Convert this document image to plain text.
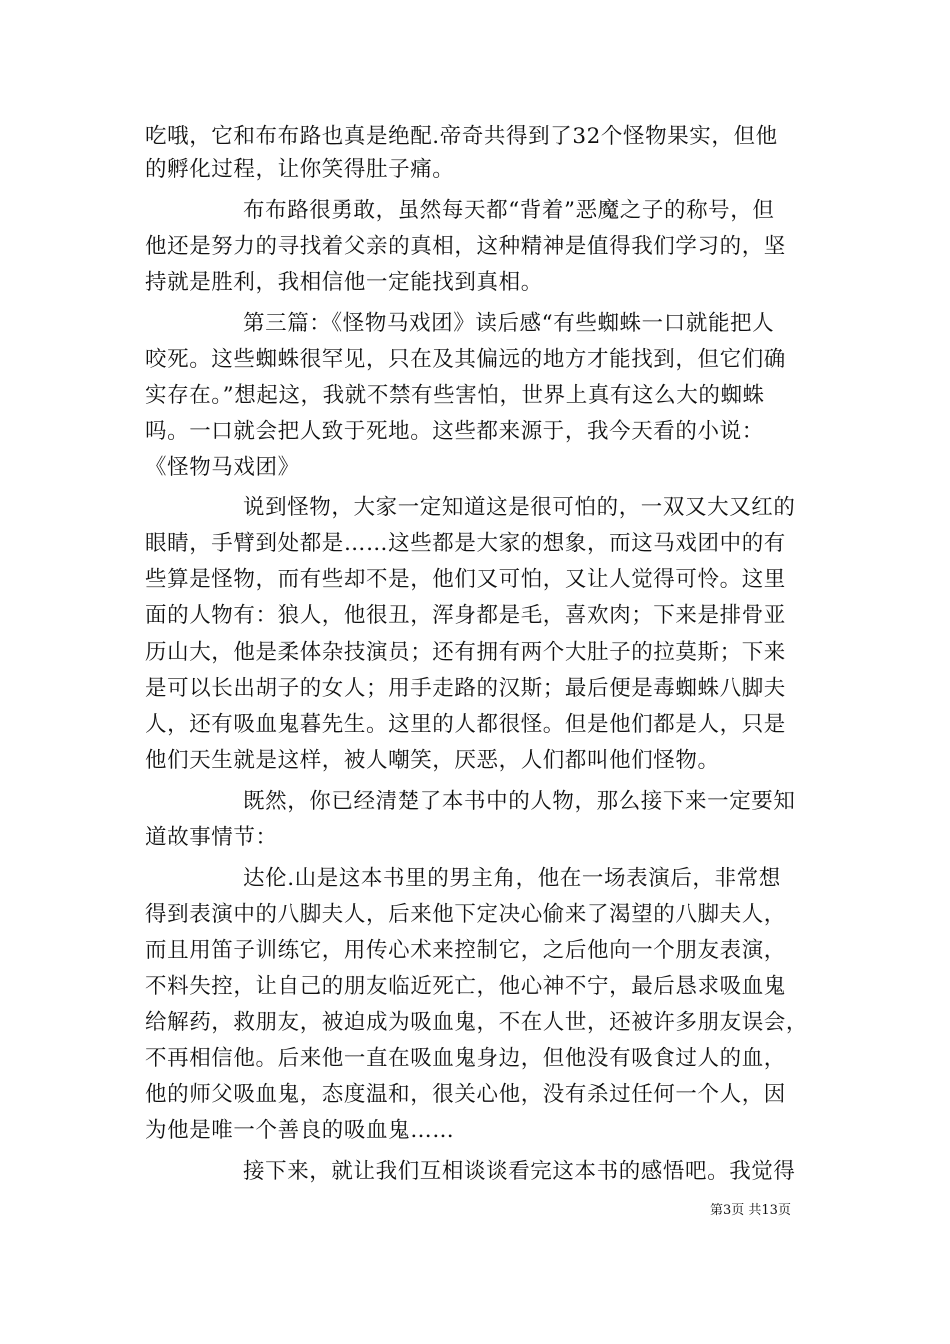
吃哦，它和布布路也真是绝配.帝奇共得到了32个怪物果实，但他
的孵化过程，让你笑得肚子痛。
布布路很勇敢，虽然每天都“背着”恶魔之子的称号，但
他还是努力的寻找着父亲的真相，这种精神是值得我们学习的，坚
持就是胜利，我相信他一定能找到真相。
第三篇：《怪物马戏团》读后感“有些蜘蛛一口就能把人
咬死。这些蜘蛛很罕见，只在及其偏远的地方才能找到，但它们确
实存在。”想起这，我就不禁有些害怕，世界上真有这么大的蜘蛛
吗。一口就会把人致于死地。这些都来源于，我今天看的小说：
《怪物马戏团》
说到怪物，大家一定知道这是很可怕的，一双又大又红的
眼睛，手臂到处都是……这些都是大家的想象，而这马戏团中的有
些算是怪物，而有些却不是，他们又可怕，又让人觉得可怜。这里
面的人物有：狼人，他很丑，浑身都是毛，喜欢肉；下来是排骨亚
历山大，他是柔体杂技演员；还有拥有两个大肚子的拉莫斯；下来
是可以长出胡子的女人；用手走路的汉斯；最后便是毒蜘蛛八脚夫
人，还有吸血鬼暮先生。这里的人都很怪。但是他们都是人，只是
他们天生就是这样，被人嘲笑，厌恶，人们都叫他们怪物。
既然，你已经清楚了本书中的人物，那么接下来一定要知
道故事情节：
达伦.山是这本书里的男主角，他在一场表演后，非常想
得到表演中的八脚夫人，后来他下定决心偷来了渴望的八脚夫人，
而且用笛子训练它，用传心术来控制它，之后他向一个朋友表演，
不料失控，让自己的朋友临近死亡，他心神不宁，最后恳求吸血鬼
给解药，救朋友，被迫成为吸血鬼，不在人世，还被许多朋友误会，
不再相信他。后来他一直在吸血鬼身边，但他没有吸食过人的血，
他的师父吸血鬼，态度温和，很关心他，没有杀过任何一个人，因
为他是唯一个善良的吸血鬼……
接下来，就让我们互相谈谈看完这本书的感悟吧。我觉得
第3页 共13页
